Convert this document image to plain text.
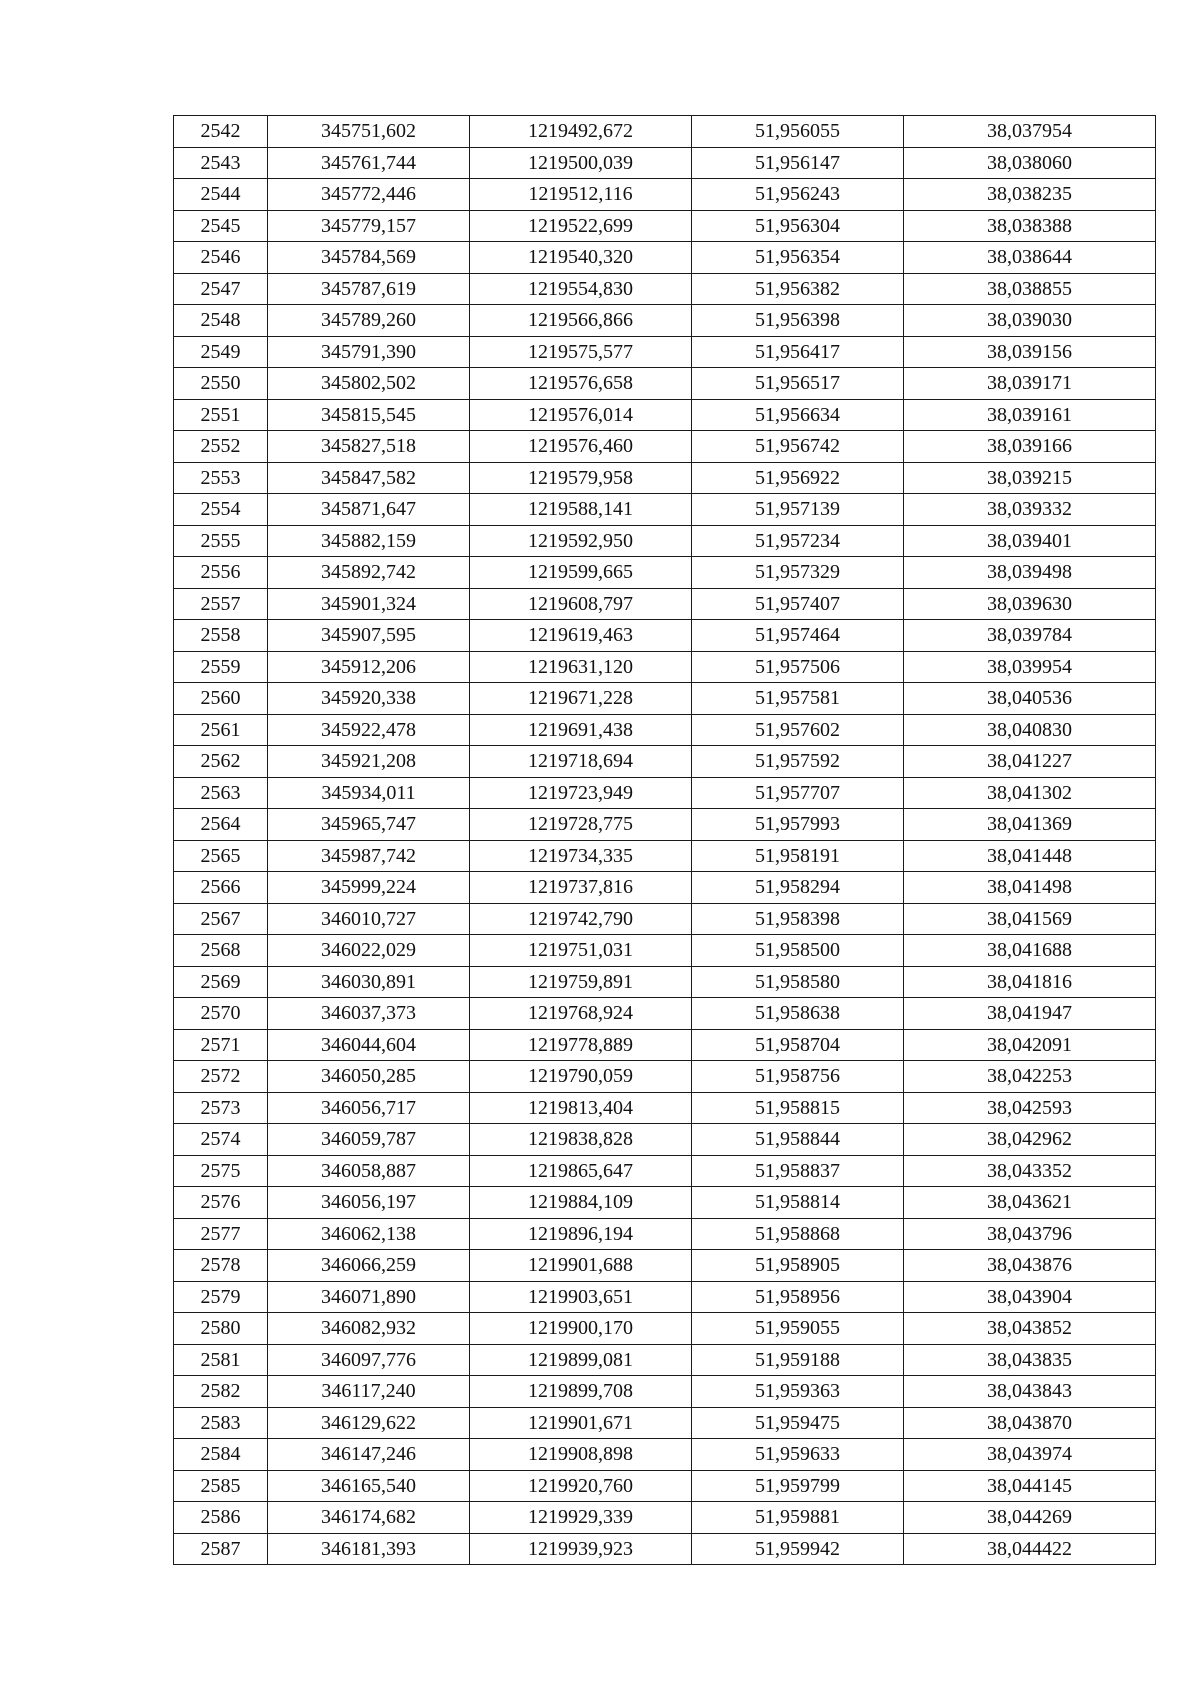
2542	345751,602	1219492,672	51,956055	38,037954
2543	345761,744	1219500,039	51,956147	38,038060
2544	345772,446	1219512,116	51,956243	38,038235
2545	345779,157	1219522,699	51,956304	38,038388
2546	345784,569	1219540,320	51,956354	38,038644
2547	345787,619	1219554,830	51,956382	38,038855
2548	345789,260	1219566,866	51,956398	38,039030
2549	345791,390	1219575,577	51,956417	38,039156
2550	345802,502	1219576,658	51,956517	38,039171
2551	345815,545	1219576,014	51,956634	38,039161
2552	345827,518	1219576,460	51,956742	38,039166
2553	345847,582	1219579,958	51,956922	38,039215
2554	345871,647	1219588,141	51,957139	38,039332
2555	345882,159	1219592,950	51,957234	38,039401
2556	345892,742	1219599,665	51,957329	38,039498
2557	345901,324	1219608,797	51,957407	38,039630
2558	345907,595	1219619,463	51,957464	38,039784
2559	345912,206	1219631,120	51,957506	38,039954
2560	345920,338	1219671,228	51,957581	38,040536
2561	345922,478	1219691,438	51,957602	38,040830
2562	345921,208	1219718,694	51,957592	38,041227
2563	345934,011	1219723,949	51,957707	38,041302
2564	345965,747	1219728,775	51,957993	38,041369
2565	345987,742	1219734,335	51,958191	38,041448
2566	345999,224	1219737,816	51,958294	38,041498
2567	346010,727	1219742,790	51,958398	38,041569
2568	346022,029	1219751,031	51,958500	38,041688
2569	346030,891	1219759,891	51,958580	38,041816
2570	346037,373	1219768,924	51,958638	38,041947
2571	346044,604	1219778,889	51,958704	38,042091
2572	346050,285	1219790,059	51,958756	38,042253
2573	346056,717	1219813,404	51,958815	38,042593
2574	346059,787	1219838,828	51,958844	38,042962
2575	346058,887	1219865,647	51,958837	38,043352
2576	346056,197	1219884,109	51,958814	38,043621
2577	346062,138	1219896,194	51,958868	38,043796
2578	346066,259	1219901,688	51,958905	38,043876
2579	346071,890	1219903,651	51,958956	38,043904
2580	346082,932	1219900,170	51,959055	38,043852
2581	346097,776	1219899,081	51,959188	38,043835
2582	346117,240	1219899,708	51,959363	38,043843
2583	346129,622	1219901,671	51,959475	38,043870
2584	346147,246	1219908,898	51,959633	38,043974
2585	346165,540	1219920,760	51,959799	38,044145
2586	346174,682	1219929,339	51,959881	38,044269
2587	346181,393	1219939,923	51,959942	38,044422
